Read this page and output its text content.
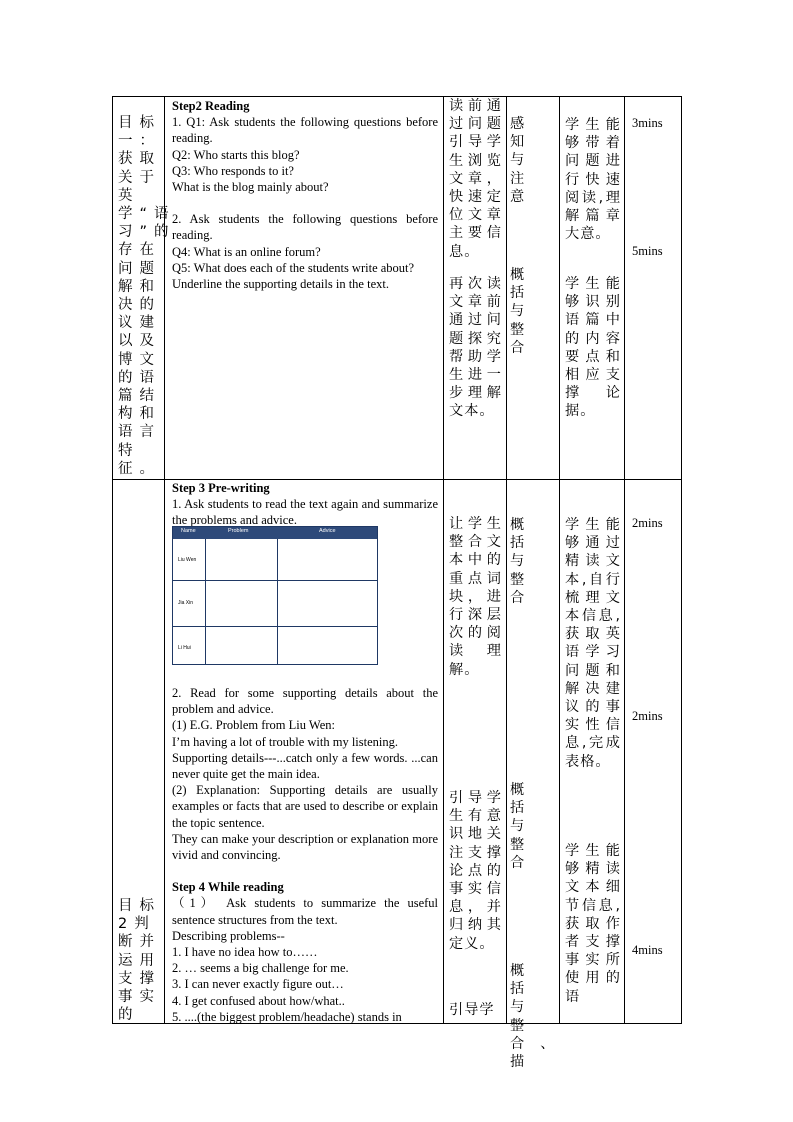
目标一：获取关于英学“语习”的存在问题解和决的议建以及博文的语篇结构和语言特征。

Step2 Reading

1. Q1: Ask students the following questions before reading.

Q2: Who starts this blog?

Q3: Who responds to it?

What is the blog mainly about?

2. Ask students the following questions before reading.

Q4: What is an online forum?

Q5: What does each of the students write about?

Underline the supporting details in the text.

读前通过问题引导学生浏览文章，快速定位文章主要信息。
再次读文章前通过问题探究帮助学生进一步理解文本。
感知与注意
概括与整合
学生能够带着问题进行快速阅读,理解篇章大意。
学生能够识别语篇中的内容要点和相应支撑论据。
3mins
5mins
目标2判断并运用支撑事实的

Step 3 Pre-writing

1. Ask students to read the text again and summarize the problems and advice.

Name	Problem	Advice
Liu Wen
Jia Xin
Li Hui

2. Read for some supporting details about the problem and advice.

(1) E.G. Problem from Liu Wen:

I’m having a lot of trouble with my listening.

Supporting details---...catch only a few words. ...can never quite get the main idea.

(2) Explanation: Supporting details are usually examples or facts that are used to describe or explain the topic sentence.

They can make your description or explanation more vivid and convincing.

Step 4 While reading

（1） Ask students to summarize the useful sentence structures from the text.

Describing problems--

1. I have no idea how to……

2. … seems a big challenge for me.

3. I can never exactly figure out…

4. I get confused about how/what..

5. ....(the biggest problem/headache) stands in

让学生整合文本中的重点词块，进行深层次的阅读理解。
引导学生有意识地关注支撑论点的事实信息，并归纳其定义。
引导学
概括与整合
概括与整合
概括与整合、描
学生能够通过精读文本,自行梳理文本信息,获取英语学习问题和解决建议的事实性信息,完成表格。
学生能够精读文本细节信息,获取作者支撑事实所使用的语
2mins
2mins
4mins
